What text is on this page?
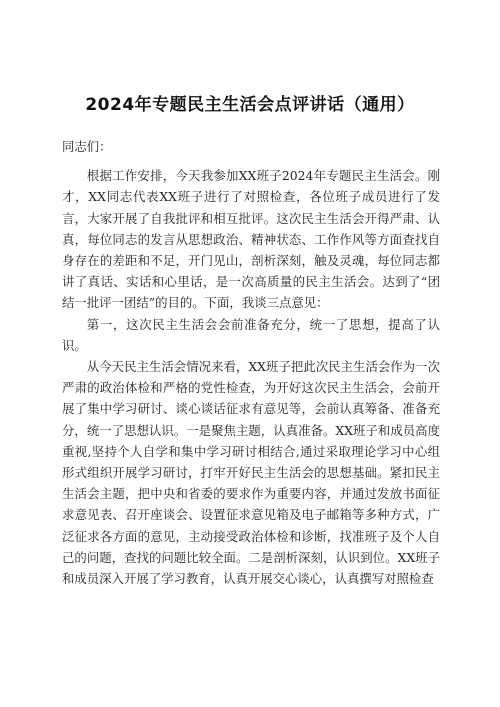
2024年专题民主生活会点评讲话（通用）

同志们：

根据工作安排，今天我参加XX班子2024年专题民主生活会。刚才，XX同志代表XX班子进行了对照检查，各位班子成员进行了发言，大家开展了自我批评和相互批评。这次民主生活会开得严肃、认真，每位同志的发言从思想政治、精神状态、工作作风等方面查找自身存在的差距和不足，开门见山，剖析深刻，触及灵魂，每位同志都讲了真话、实话和心里话，是一次高质量的民主生活会。达到了“团结一批评一团结”的目的。下面，我谈三点意见：

第一，这次民主生活会会前准备充分，统一了思想，提高了认识。

从今天民主生活会情况来看，XX班子把此次民主生活会作为一次严肃的政治体检和严格的党性检查，为开好这次民主生活会，会前开展了集中学习研讨、谈心谈话征求有意见等，会前认真筹备、准备充分，统一了思想认识。一是聚焦主题，认真准备。XX班子和成员高度重视,坚持个人自学和集中学习研讨相结合,通过采取理论学习中心组形式组织开展学习研讨，打牢开好民主生活会的思想基础。紧扣民主生活会主题，把中央和省委的要求作为重要内容，并通过发放书面征求意见表、召开座谈会、设置征求意见箱及电子邮箱等多种方式，广泛征求各方面的意见，主动接受政治体检和诊断，找准班子及个人自己的问题，查找的问题比较全面。二是剖析深刻，认识到位。XX班子和成员深入开展了学习教育，认真开展交心谈心，认真撰写对照检查
